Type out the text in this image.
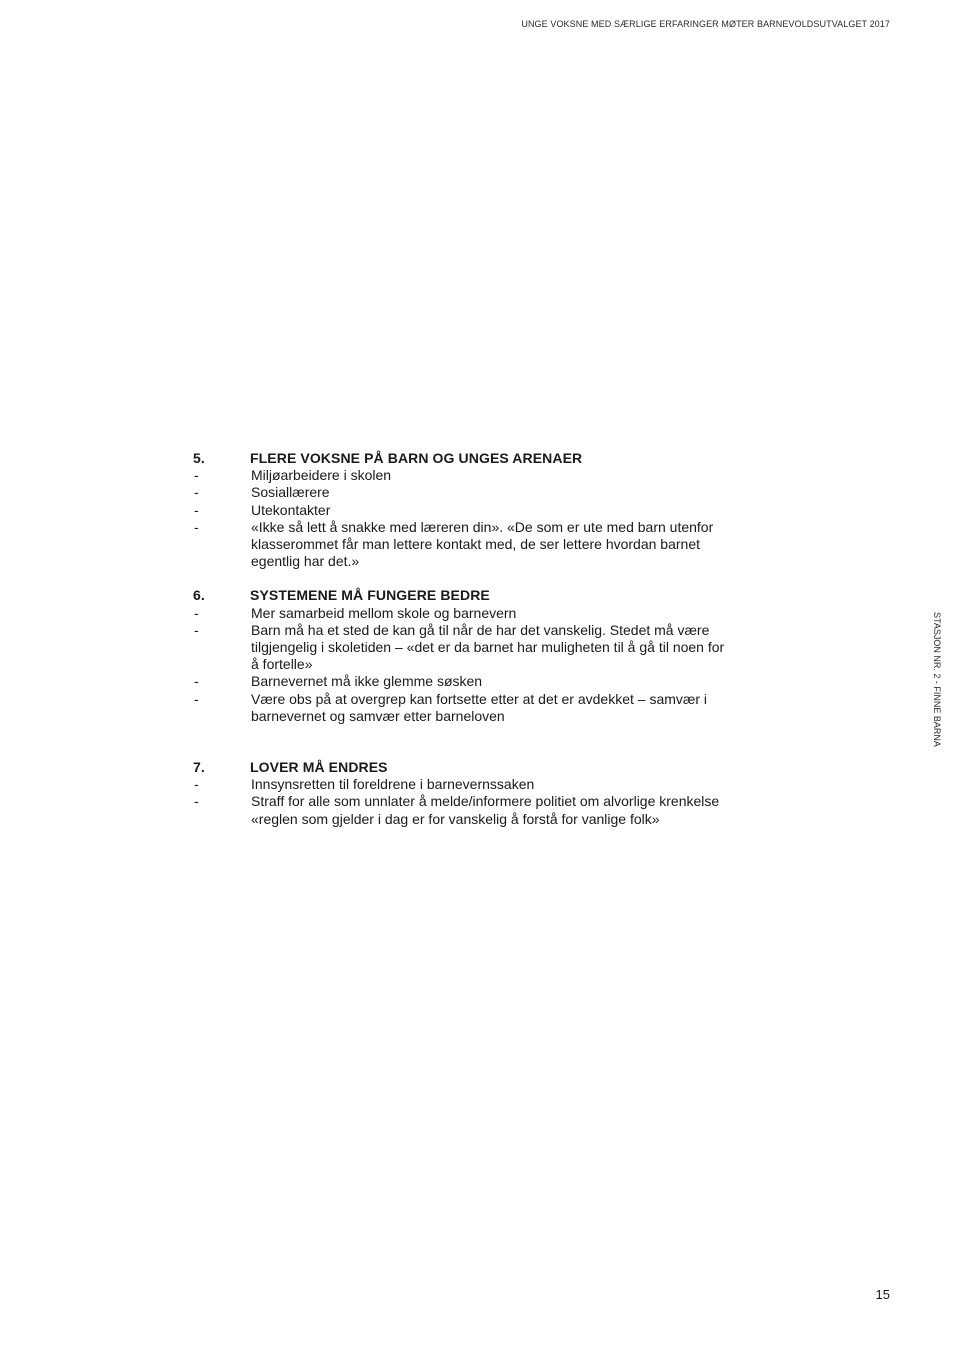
UNGE VOKSNE MED SÆRLIGE ERFARINGER MØTER BARNEVOLDSUTVALGET 2017
STASJON NR. 2 - FINNE BARNA
5.	FLERE VOKSNE PÅ BARN OG UNGES ARENAER
-	Miljøarbeidere i skolen
-	Sosiallærere
-	Utekontakter
-	«Ikke så lett å snakke med læreren din». «De som er ute med barn utenfor klasserommet får man lettere kontakt med, de ser lettere hvordan barnet egentlig har det.»
6.	SYSTEMENE MÅ FUNGERE BEDRE
-	Mer samarbeid mellom skole og barnevern
-	Barn må ha et sted de kan gå til når de har det vanskelig. Stedet må være tilgjengelig i skoletiden – «det er da barnet har muligheten til å gå til noen for å fortelle»
-	Barnevernet må ikke glemme søsken
-	Være obs på at overgrep kan fortsette etter at det er avdekket – samvær i barnevernet og samvær etter barneloven
7.	LOVER MÅ ENDRES
-	Innsynsretten til foreldrene i barnevernssaken
-	Straff for alle som unnlater å melde/informere politiet om alvorlige krenkelse «reglen som gjelder i dag er for vanskelig å forstå for vanlige folk»
15
